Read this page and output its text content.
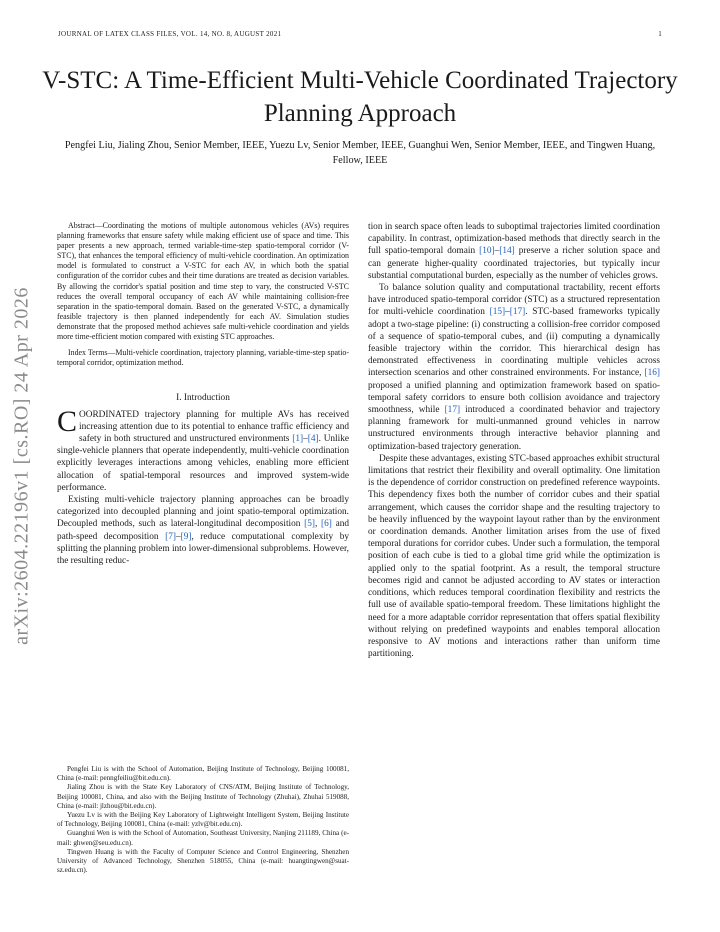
JOURNAL OF LATEX CLASS FILES, VOL. 14, NO. 8, AUGUST 2021	1
arXiv:2604.22196v1 [cs.RO] 24 Apr 2026
V-STC: A Time-Efficient Multi-Vehicle Coordinated Trajectory Planning Approach
Pengfei Liu, Jialing Zhou, Senior Member, IEEE, Yuezu Lv, Senior Member, IEEE, Guanghui Wen, Senior Member, IEEE, and Tingwen Huang, Fellow, IEEE

Abstract—Coordinating the motions of multiple autonomous vehicles (AVs) requires planning frameworks that ensure safety while making efficient use of space and time. This paper presents a new approach, termed variable-time-step spatio-temporal corridor (V-STC), that enhances the temporal efficiency of multi-vehicle coordination. An optimization model is formulated to construct a V-STC for each AV, in which both the spatial configuration of the corridor cubes and their time durations are treated as decision variables. By allowing the corridor's spatial position and time step to vary, the constructed V-STC reduces the overall temporal occupancy of each AV while maintaining collision-free separation in the spatio-temporal domain. Based on the generated V-STC, a dynamically feasible trajectory is then planned independently for each AV. Simulation studies demonstrate that the proposed method achieves safe multi-vehicle coordination and yields more time-efficient motion compared with existing STC approaches.

Index Terms—Multi-vehicle coordination, trajectory planning, variable-time-step spatio-temporal corridor, optimization method.

I. Introduction

COORDINATED trajectory planning for multiple AVs has received increasing attention due to its potential to enhance traffic efficiency and safety in both structured and unstructured environments [1]–[4]. Unlike single-vehicle planners that operate independently, multi-vehicle coordination explicitly leverages interactions among vehicles, enabling more efficient allocation of spatial-temporal resources and improved system-wide performance.

Existing multi-vehicle trajectory planning approaches can be broadly categorized into decoupled planning and joint spatio-temporal optimization. Decoupled methods, such as lateral-longitudinal decomposition [5], [6] and path-speed decomposition [7]–[9], reduce computational complexity by splitting the planning problem into lower-dimensional subproblems. However, the resulting reduc-

Pengfei Liu is with the School of Automation, Beijing Institute of Technology, Beijing 100081, China (e-mail: penngfeiliu@bit.edu.cn).

Jialing Zhou is with the State Key Laboratory of CNS/ATM, Beijing Institute of Technology, Beijing 100081, China, and also with the Beijing Institute of Technology (Zhuhai), Zhuhai 519088, China (e-mail: jlzhou@bit.edu.cn).

Yuezu Lv is with the Beijing Key Laboratory of Lightweight Intelligent System, Beijing Institute of Technology, Beijing 100081, China (e-mail: yzlv@bit.edu.cn).

Guanghui Wen is with the School of Automation, Southeast University, Nanjing 211189, China (e-mail: ghwen@seu.edu.cn).

Tingwen Huang is with the Faculty of Computer Science and Control Engineering, Shenzhen University of Advanced Technology, Shenzhen 518055, China (e-mail: huangtingwen@suat-sz.edu.cn).

tion in search space often leads to suboptimal trajectories limited coordination capability. In contrast, optimization-based methods that directly search in the full spatio-temporal domain [10]–[14] preserve a richer solution space and can generate higher-quality coordinated trajectories, but typically incur substantial computational burden, especially as the number of vehicles grows.

To balance solution quality and computational tractability, recent efforts have introduced spatio-temporal corridor (STC) as a structured representation for multi-vehicle coordination [15]–[17]. STC-based frameworks typically adopt a two-stage pipeline: (i) constructing a collision-free corridor composed of a sequence of spatio-temporal cubes, and (ii) computing a dynamically feasible trajectory within the corridor. This hierarchical design has demonstrated effectiveness in coordinating multiple vehicles across intersection scenarios and other constrained environments. For instance, [16] proposed a unified planning and optimization framework based on spatio-temporal safety corridors to ensure both collision avoidance and trajectory smoothness, while [17] introduced a coordinated behavior and trajectory planning framework for multi-unmanned ground vehicles in narrow unstructured environments through interactive behavior planning and optimization-based trajectory generation.

Despite these advantages, existing STC-based approaches exhibit structural limitations that restrict their flexibility and overall optimality. One limitation is the dependence of corridor construction on predefined reference waypoints. This dependency fixes both the number of corridor cubes and their spatial arrangement, which causes the corridor shape and the resulting trajectory to be heavily influenced by the waypoint layout rather than by the environment or coordination demands. Another limitation arises from the use of fixed temporal durations for corridor cubes. Under such a formulation, the temporal position of each cube is tied to a global time grid while the optimization is applied only to the spatial footprint. As a result, the temporal structure becomes rigid and cannot be adjusted according to AV states or interaction conditions, which reduces temporal coordination flexibility and restricts the full use of available spatio-temporal freedom. These limitations highlight the need for a more adaptable corridor representation that offers spatial flexibility without relying on predefined waypoints and enables temporal allocation responsive to AV motions and interactions rather than uniform time partitioning.
